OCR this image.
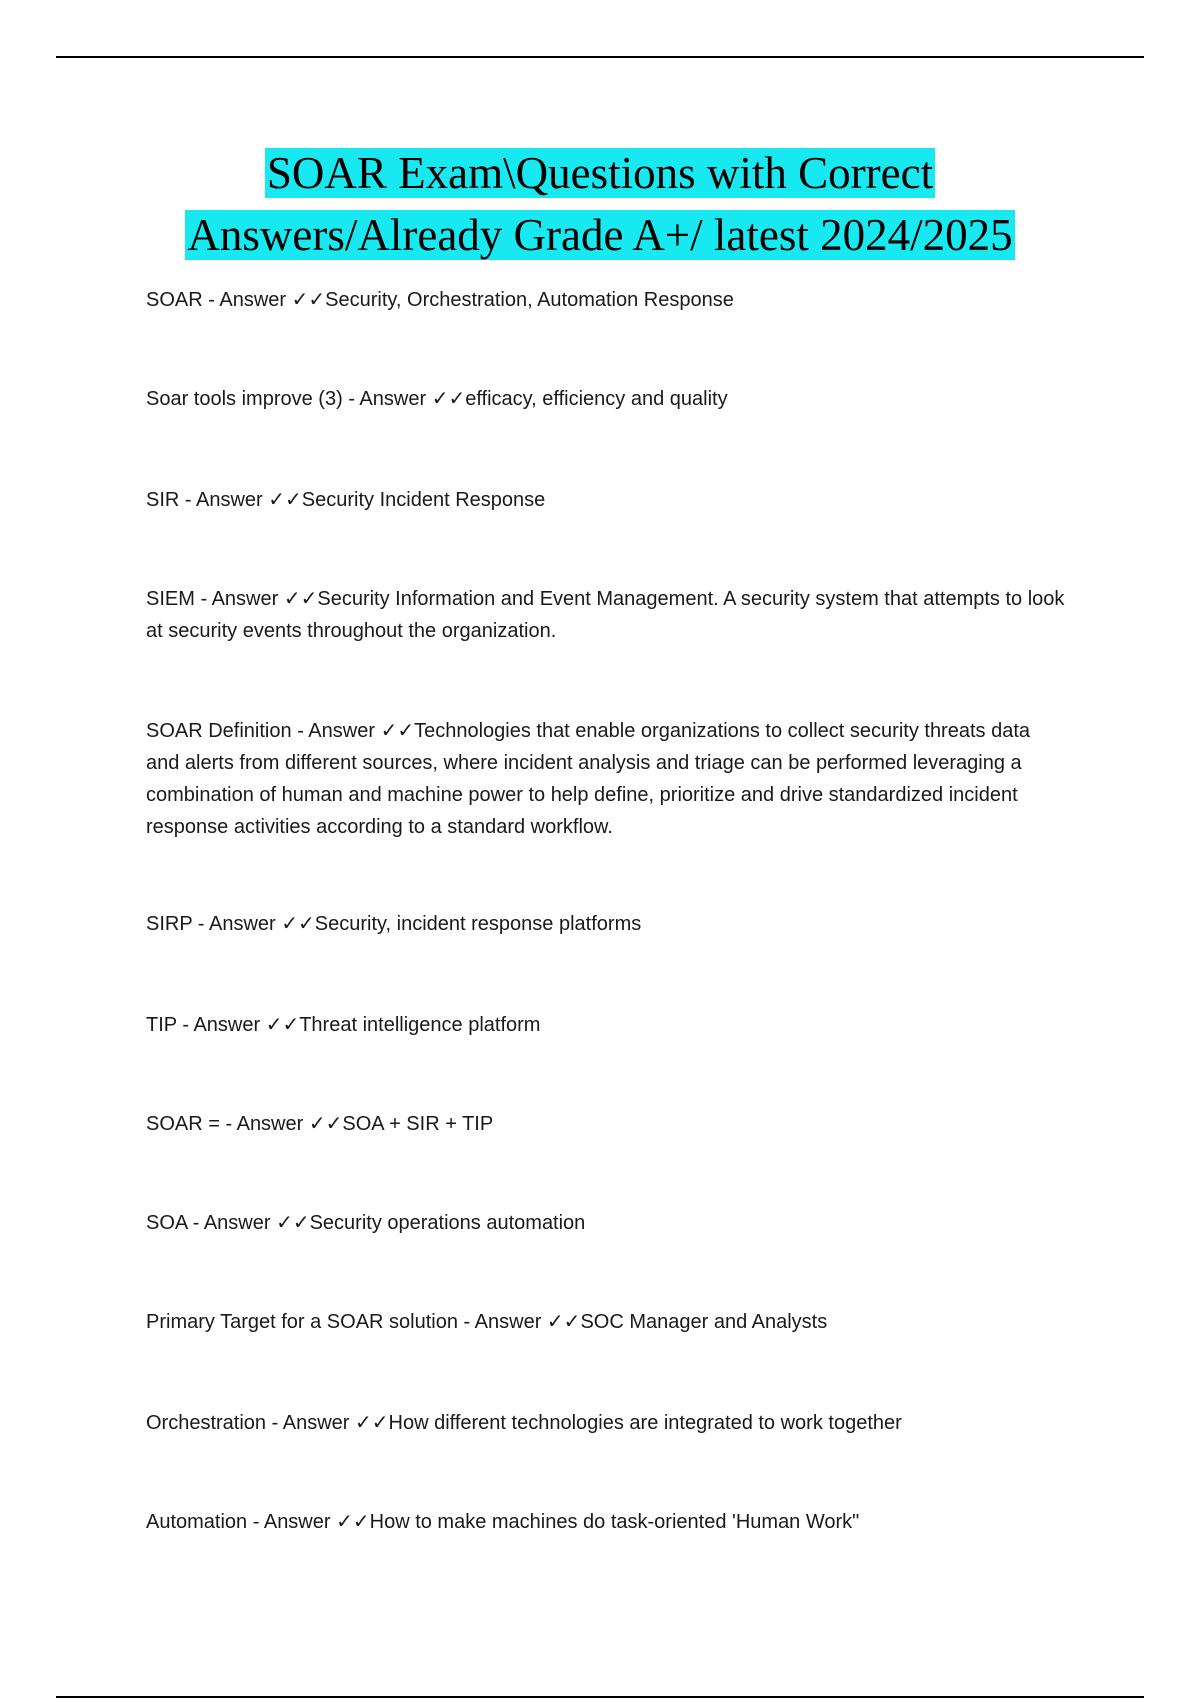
SOAR Exam\Questions with Correct
Answers/Already Grade A+/ latest 2024/2025
SOAR - Answer ✓✓Security, Orchestration, Automation Response
Soar tools improve (3) - Answer ✓✓efficacy, efficiency and quality
SIR - Answer ✓✓Security Incident Response
SIEM - Answer ✓✓Security Information and Event Management. A security system that attempts to look at security events throughout the organization.
SOAR Definition - Answer ✓✓Technologies that enable organizations to collect security threats data and alerts from different sources, where incident analysis and triage can be performed leveraging a combination of human and machine power to help define, prioritize and drive standardized incident response activities according to a standard workflow.
SIRP - Answer ✓✓Security, incident response platforms
TIP - Answer ✓✓Threat intelligence platform
SOAR = - Answer ✓✓SOA + SIR + TIP
SOA - Answer ✓✓Security operations automation
Primary Target for a SOAR solution - Answer ✓✓SOC Manager and Analysts
Orchestration - Answer ✓✓How different technologies are integrated to work together
Automation - Answer ✓✓How to make machines do task-oriented 'Human Work"
